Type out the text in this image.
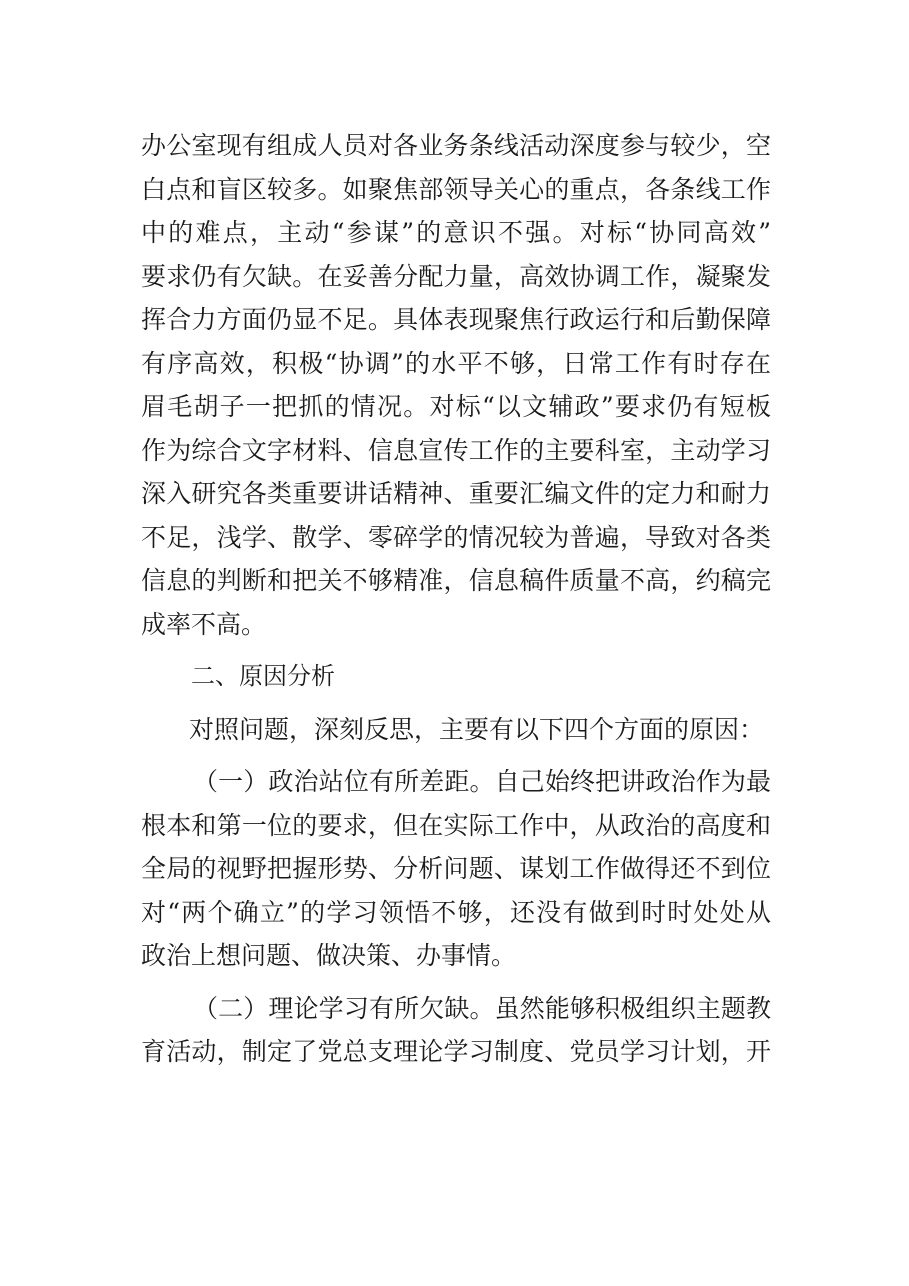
办公室现有组成人员对各业务条线活动深度参与较少，空
白点和盲区较多。如聚焦部领导关心的重点，各条线工作
中的难点，主动“参谋”的意识不强。对标“协同高效”
要求仍有欠缺。在妥善分配力量，高效协调工作，凝聚发
挥合力方面仍显不足。具体表现聚焦行政运行和后勤保障
有序高效，积极“协调”的水平不够，日常工作有时存在
眉毛胡子一把抓的情况。对标“以文辅政”要求仍有短板
作为综合文字材料、信息宣传工作的主要科室，主动学习
深入研究各类重要讲话精神、重要汇编文件的定力和耐力
不足，浅学、散学、零碎学的情况较为普遍，导致对各类
信息的判断和把关不够精准，信息稿件质量不高，约稿完
成率不高。
二、原因分析
对照问题，深刻反思，主要有以下四个方面的原因：
（一）政治站位有所差距。自己始终把讲政治作为最
根本和第一位的要求，但在实际工作中，从政治的高度和
全局的视野把握形势、分析问题、谋划工作做得还不到位
对“两个确立”的学习领悟不够，还没有做到时时处处从
政治上想问题、做决策、办事情。
（二）理论学习有所欠缺。虽然能够积极组织主题教
育活动，制定了党总支理论学习制度、党员学习计划，开
